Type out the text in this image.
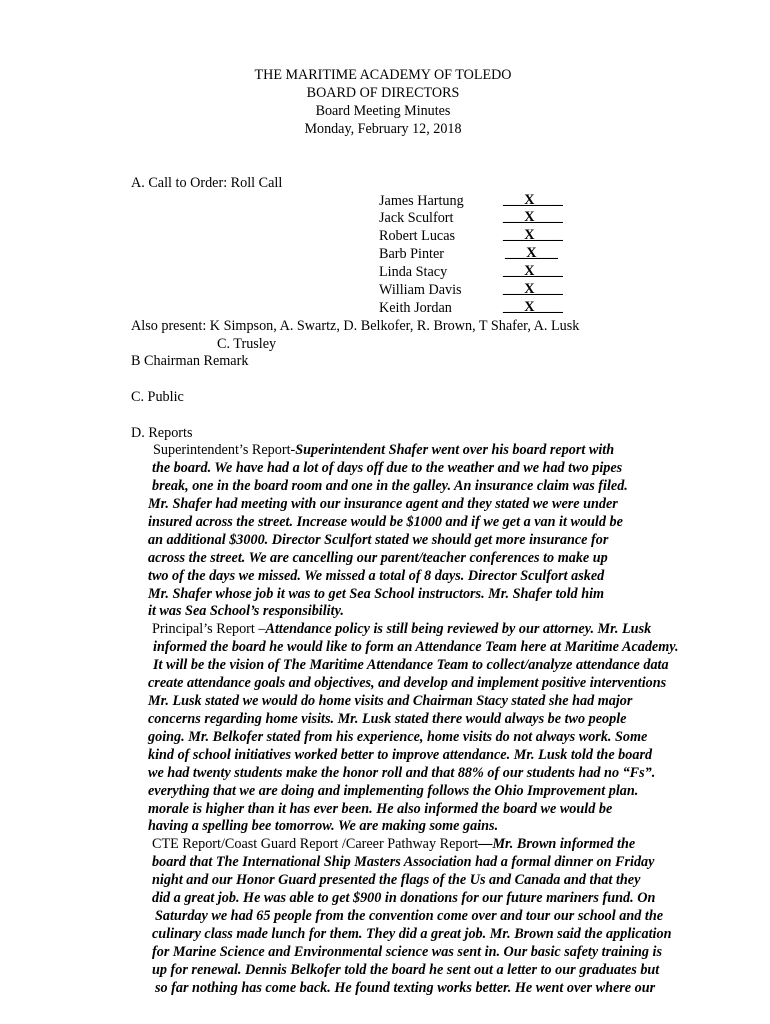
THE MARITIME ACADEMY OF TOLEDO
BOARD OF DIRECTORS
Board Meeting Minutes
Monday, February 12, 2018
A. Call to Order: Roll Call
James Hartung	___X____
Jack Sculfort	___X____
Robert Lucas	___X____
Barb Pinter	___X___
Linda Stacy	___X____
William Davis	___X____
Keith Jordan	___X____
Also present: K Simpson, A. Swartz, D. Belkofer, R. Brown, T Shafer, A. Lusk
C. Trusley
B Chairman Remark
C. Public
D. Reports
Superintendent’s Report-Superintendent Shafer went over his board report with
the board. We have had a lot of days off due to the weather and we had two pipes
break, one in the board room and one in the galley. An insurance claim was filed.
Mr. Shafer had meeting with our insurance agent and they stated we were under
insured across the street. Increase would be $1000 and if we get a van it would be
an additional $3000. Director Sculfort stated we should get more insurance for
across the street. We are cancelling our parent/teacher conferences to make up
two of the days we missed. We missed a total of 8 days. Director Sculfort asked
Mr. Shafer whose job it was to get Sea School instructors. Mr. Shafer told him
it was Sea School’s responsibility.
Principal’s Report –Attendance policy is still being reviewed by our attorney. Mr. Lusk
informed the board he would like to form an Attendance Team here at Maritime Academy.
It will be the vision of The Maritime Attendance Team to collect/analyze attendance data
create attendance goals and objectives, and develop and implement positive interventions
Mr. Lusk stated we would do home visits and Chairman Stacy stated she had major
concerns regarding home visits. Mr. Lusk stated there would always be two people
going. Mr. Belkofer stated from his experience, home visits do not always work. Some
kind of school initiatives worked better to improve attendance. Mr. Lusk told the board
we had twenty students make the honor roll and that 88% of our students had no “Fs”.
everything that we are doing and implementing follows the Ohio Improvement plan.
morale is higher than it has ever been. He also informed the board we would be
having a spelling bee tomorrow. We are making some gains.
CTE Report/Coast Guard Report /Career Pathway Report—Mr. Brown informed the
board that The International Ship Masters Association had a formal dinner on Friday
night and our Honor Guard presented the flags of the Us and Canada and that they
did a great job. He was able to get $900 in donations for our future mariners fund. On
Saturday we had 65 people from the convention come over and tour our school and the
culinary class made lunch for them. They did a great job. Mr. Brown said the application
for Marine Science and Environmental science was sent in. Our basic safety training is
up for renewal. Dennis Belkofer told the board he sent out a letter to our graduates but
so far nothing has come back. He found texting works better. He went over where our
